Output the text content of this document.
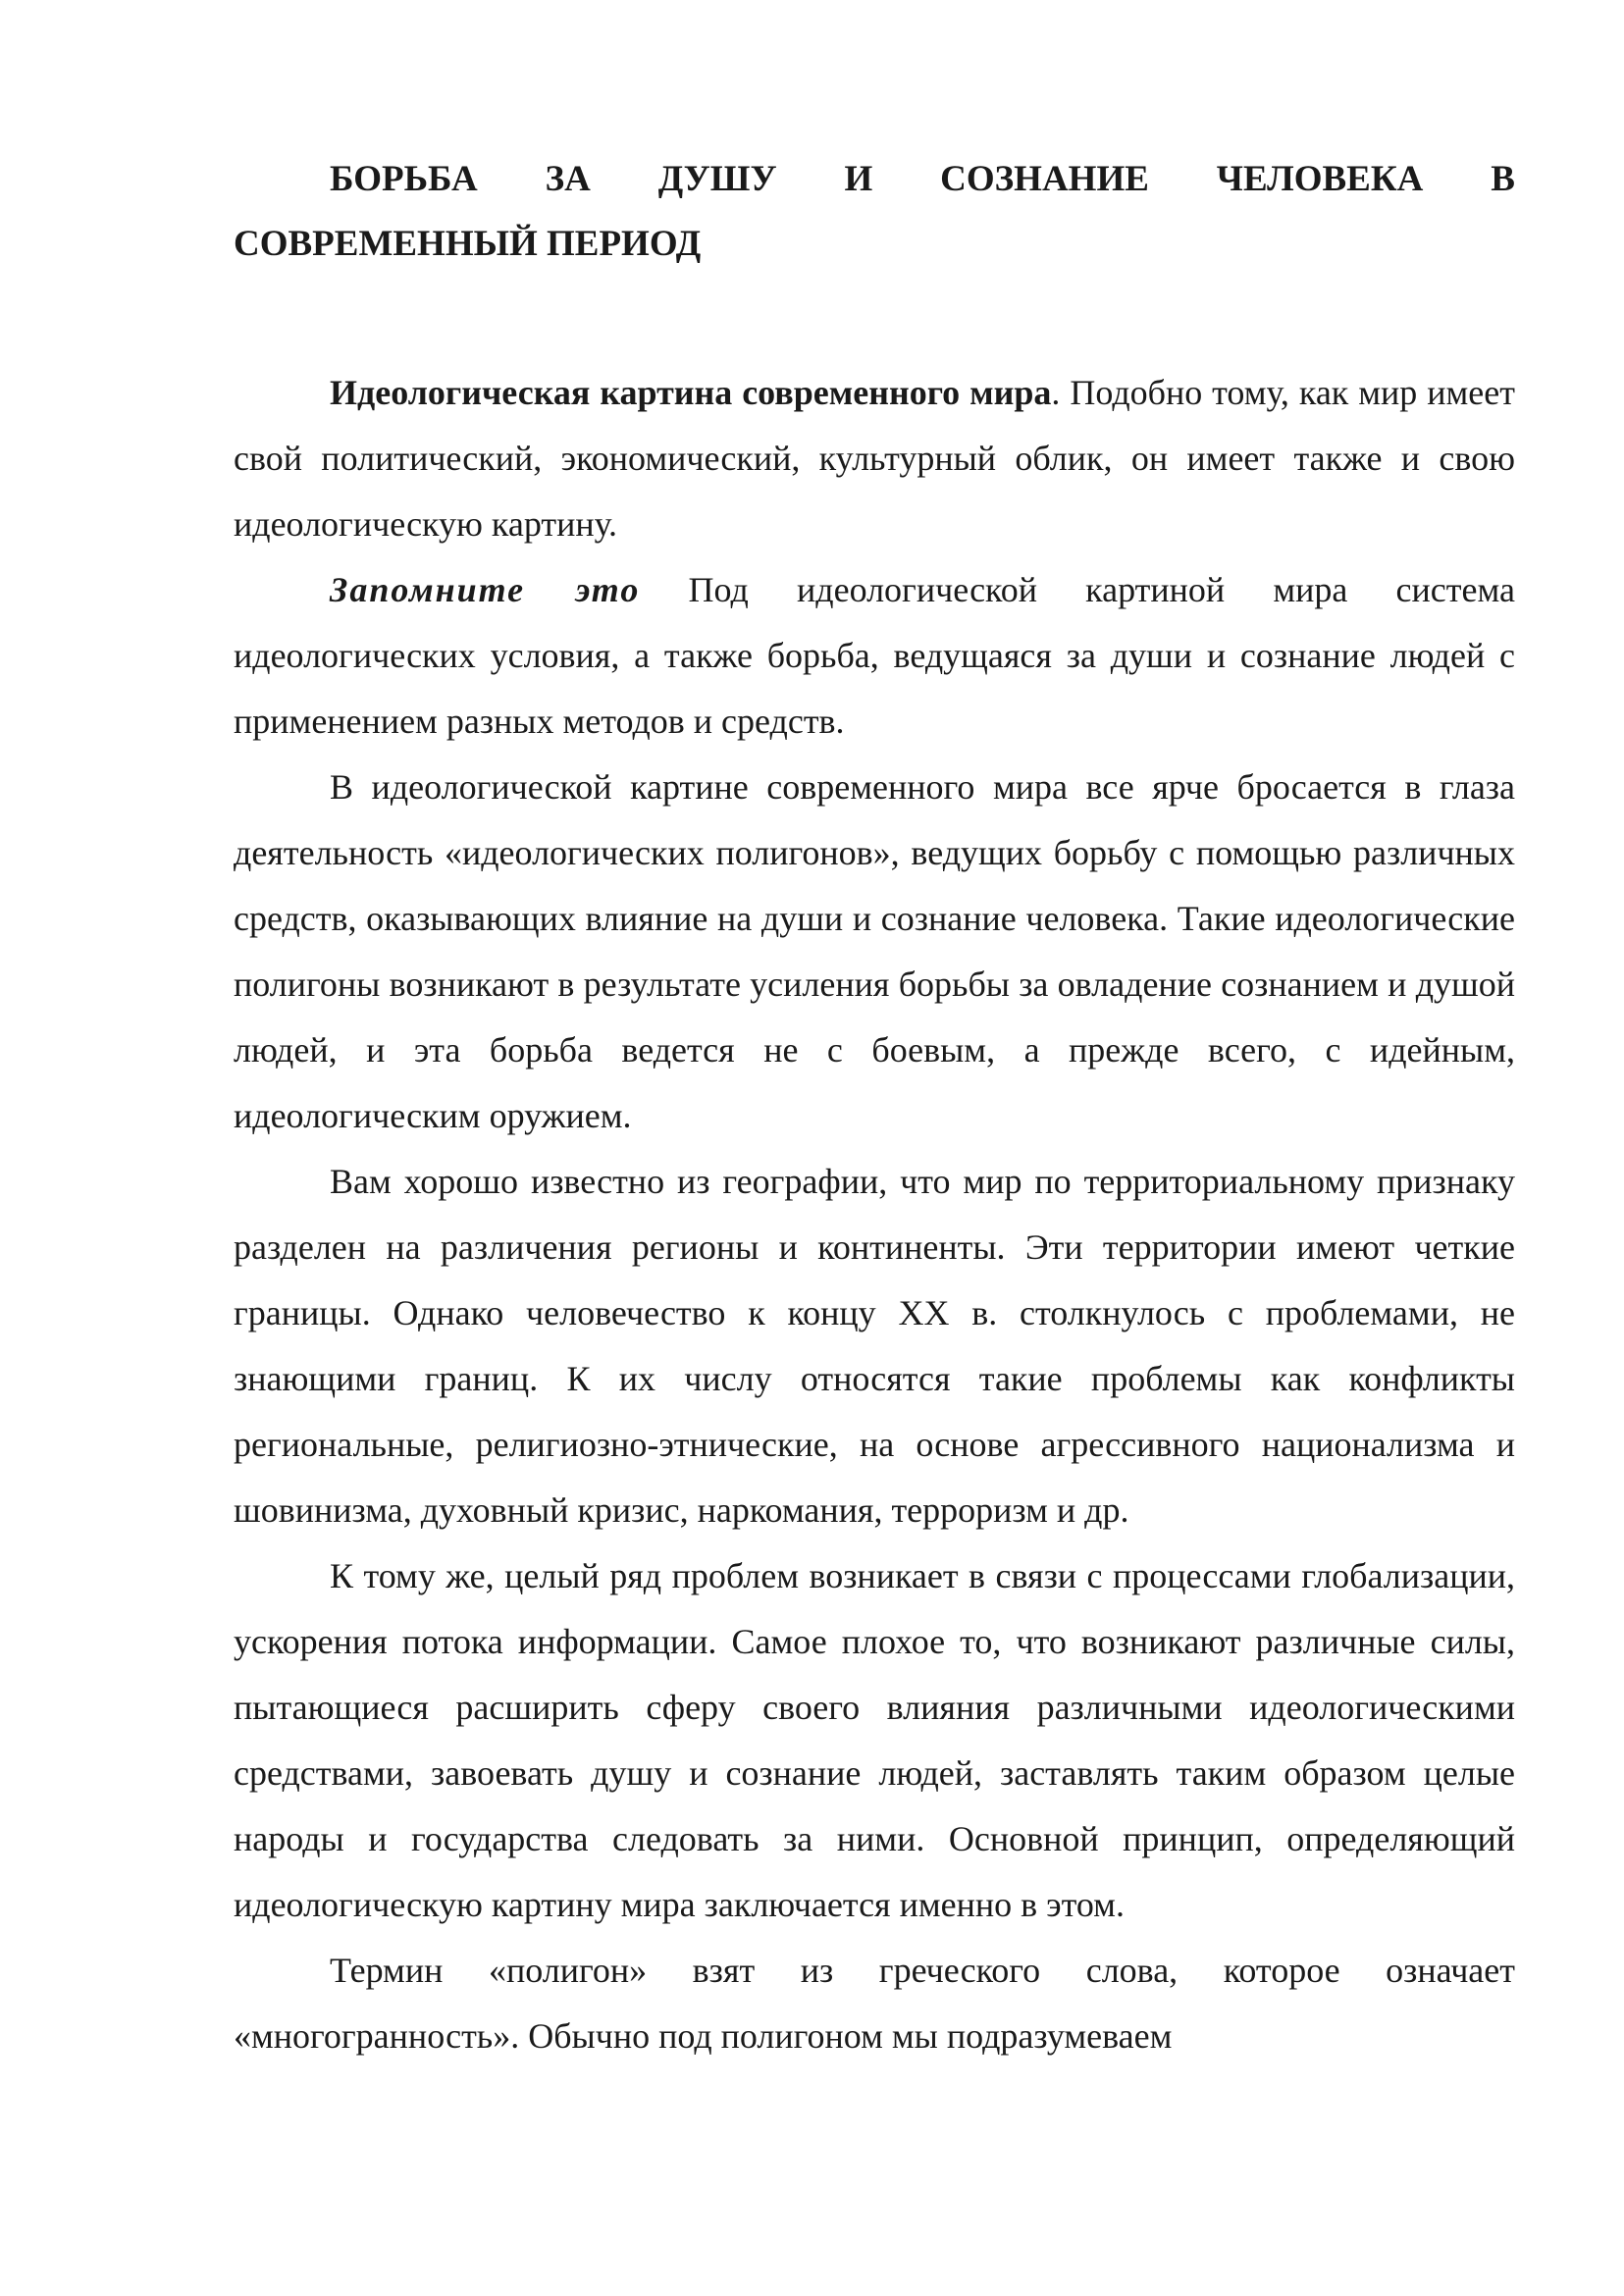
БОРЬБА ЗА ДУШУ И СОЗНАНИЕ ЧЕЛОВЕКА В
СОВРЕМЕННЫЙ ПЕРИОД

Идеологическая картина современного мира. Подобно тому, как мир имеет свой политический, экономический, культурный облик, он имеет также и свою идеологическую картину.

Запомните это Под идеологической картиной мира система идеологических условия, а также борьба, ведущаяся за души и сознание людей с применением разных методов и средств.

В идеологической картине современного мира все ярче бросается в глаза деятельность «идеологических полигонов», ведущих борьбу с помощью различных средств, оказывающих влияние на души и сознание человека. Такие идеологические полигоны возникают в результате усиления борьбы за овладение сознанием и душой людей, и эта борьба ведется не с боевым, а прежде всего, с идейным, идеологическим оружием.

Вам хорошо известно из географии, что мир по территориальному признаку разделен на различения регионы и континенты. Эти территории имеют четкие границы. Однако человечество к концу XX в. столкнулось с проблемами, не знающими границ. К их числу относятся такие проблемы как конфликты региональные, религиозно-этнические, на основе агрессивного национализма и шовинизма, духовный кризис, наркомания, терроризм и др.

К тому же, целый ряд проблем возникает в связи с процессами глобализации, ускорения потока информации. Самое плохое то, что возникают различные силы, пытающиеся расширить сферу своего влияния различными идеологическими средствами, завоевать душу и сознание людей, заставлять таким образом целые народы и государства следовать за ними. Основной принцип, определяющий идеологическую картину мира заключается именно в этом.

Термин «полигон» взят из греческого слова, которое означает «многогранность». Обычно под полигоном мы подразумеваем
